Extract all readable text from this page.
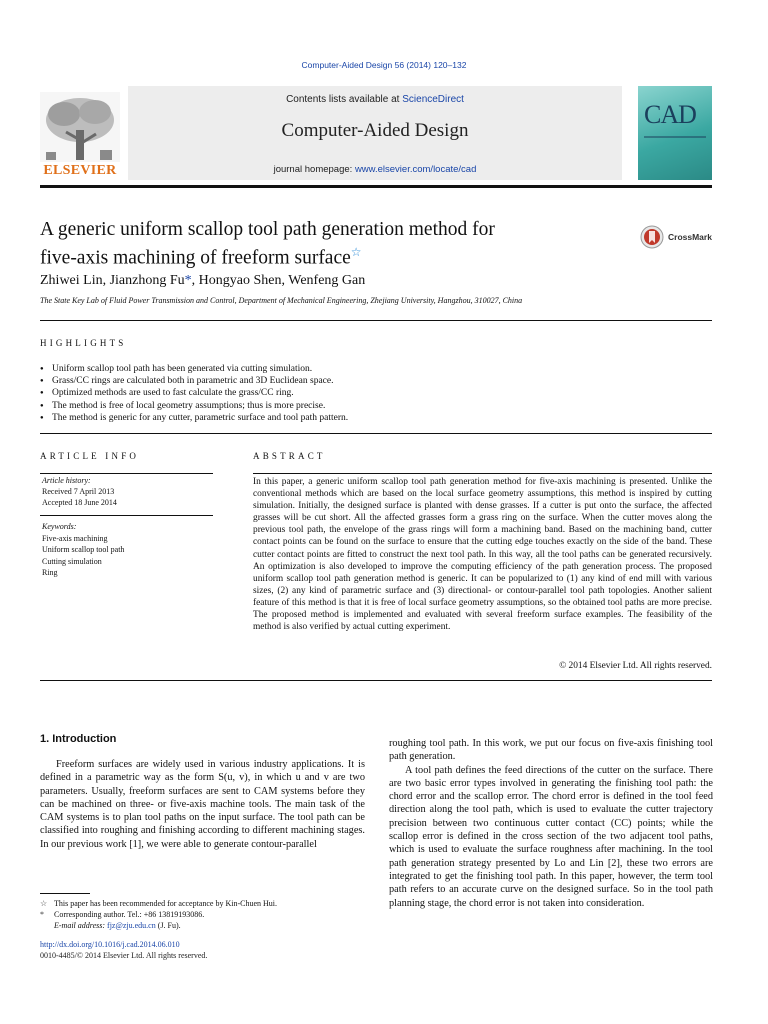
Computer-Aided Design 56 (2014) 120–132
ELSEVIER
Contents lists available at ScienceDirect
Computer-Aided Design
journal homepage: www.elsevier.com/locate/cad
CAD
A generic uniform scallop tool path generation method for
five-axis machining of freeform surface☆
CrossMark
Zhiwei Lin, Jianzhong Fu*, Hongyao Shen, Wenfeng Gan
The State Key Lab of Fluid Power Transmission and Control, Department of Mechanical Engineering, Zhejiang University, Hangzhou, 310027, China
HIGHLIGHTS
● Uniform scallop tool path has been generated via cutting simulation.
● Grass/CC rings are calculated both in parametric and 3D Euclidean space.
● Optimized methods are used to fast calculate the grass/CC ring.
● The method is free of local geometry assumptions; thus is more precise.
● The method is generic for any cutter, parametric surface and tool path pattern.
ARTICLE INFO
Article history:
Received 7 April 2013
Accepted 18 June 2014
Keywords:
Five-axis machining
Uniform scallop tool path
Cutting simulation
Ring
ABSTRACT
In this paper, a generic uniform scallop tool path generation method for five-axis machining is presented. Unlike the conventional methods which are based on the local surface geometry assumptions, this method is inspired by cutting simulation. Initially, the designed surface is planted with dense grasses. If a cutter is put onto the surface, the affected grasses will be cut short. All the affected grasses form a grass ring on the surface. When the cutter moves along the previous tool path, the envelope of the grass rings will form a machining band. Based on the machining band, cutter contact points can be found on the surface to ensure that the cutting edge touches exactly on the side of the band. These cutter contact points are fitted to construct the next tool path. In this way, all the tool paths can be generated recursively. An optimization is also developed to improve the computing efficiency of the path generation process. The proposed uniform scallop tool path generation method is generic. It can be popularized to (1) any kind of end mill with various sizes, (2) any kind of parametric surface and (3) directional- or contour-parallel tool path topologies. Another salient feature of this method is that it is free of local surface geometry assumptions, so the obtained tool paths are more precise. The proposed method is implemented and evaluated with several freeform surface examples. The feasibility of the method is also verified by actual cutting experiment.
© 2014 Elsevier Ltd. All rights reserved.
1. Introduction

Freeform surfaces are widely used in various industry applications. It is defined in a parametric way as the form S(u, v), in which u and v are two parameters. Usually, freeform surfaces are sent to CAM systems before they can be machined on three- or five-axis machine tools. The main task of the CAM systems is to plan tool paths on the input surface. The tool path can be classified into roughing and finishing according to different machining stages. In our previous work [1], we were able to generate contour-parallel

roughing tool path. In this work, we put our focus on five-axis finishing tool path generation.

A tool path defines the feed directions of the cutter on the surface. There are two basic error types involved in generating the finishing tool path: the chord error and the scallop error. The chord error is defined in the tool feed direction along the tool path, which is used to evaluate the cutter trajectory precision between two continuous cutter contact (CC) points; while the scallop error is defined in the cross section of the two adjacent tool paths, which is used to evaluate the surface roughness after machining. In the tool path generation strategy presented by Lo and Lin [2], these two errors are integrated to get the finishing tool path. In this paper, however, the term tool path refers to an accurate curve on the designed surface. So in the tool path planning stage, the chord error is not taken into consideration.

☆ This paper has been recommended for acceptance by Kin-Chuen Hui.
* Corresponding author. Tel.: +86 13819193086.
E-mail address: fjz@zju.edu.cn (J. Fu).
http://dx.doi.org/10.1016/j.cad.2014.06.010
0010-4485/© 2014 Elsevier Ltd. All rights reserved.
